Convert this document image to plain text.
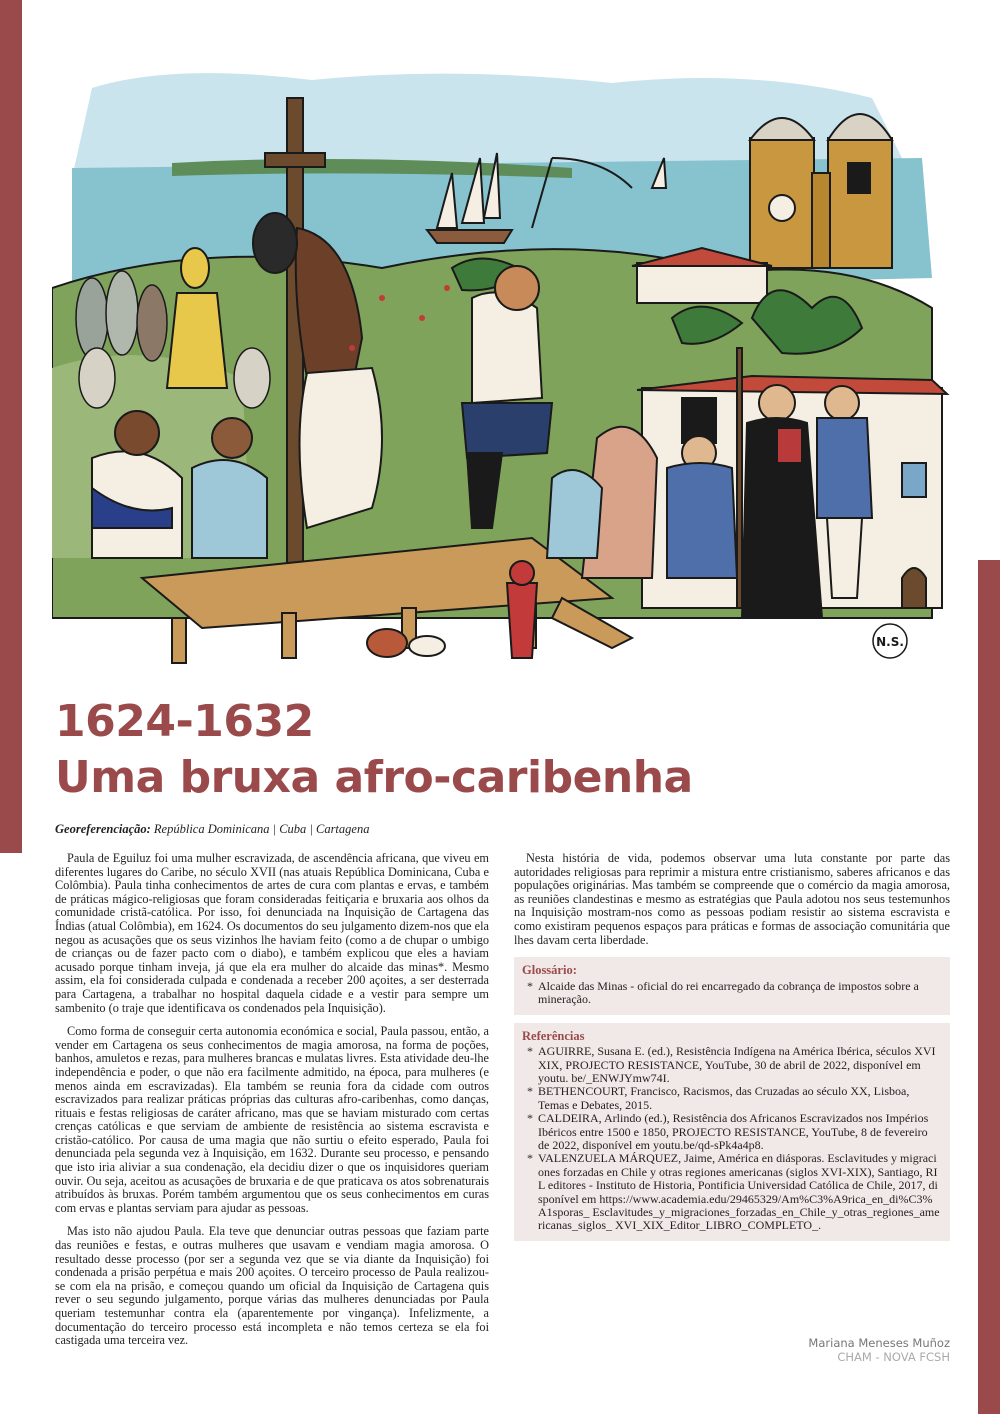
N.S.
1624-1632
Uma bruxa afro-caribenha
Georeferenciação: República Dominicana | Cuba | Cartagena

Paula de Eguiluz foi uma mulher escravizada, de ascendência africana, que viveu em diferentes lugares do Caribe, no século XVII (nas atuais República Dominicana, Cuba e Colômbia). Paula tinha conhecimentos de artes de cura com plantas e ervas, e também de práticas mágico-religiosas que foram consideradas feitiçaria e bruxaria aos olhos da comunidade cristã-católica. Por isso, foi denunciada na Inquisição de Cartagena das Índias (atual Colômbia), em 1624. Os documentos do seu julgamento dizem-nos que ela negou as acusações que os seus vizinhos lhe haviam feito (como a de chupar o umbigo de crianças ou de fazer pacto com o diabo), e também explicou que eles a haviam acusado porque tinham inveja, já que ela era mulher do alcaide das minas*. Mesmo assim, ela foi considerada culpada e condenada a receber 200 açoites, a ser desterrada para Cartagena, a trabalhar no hospital daquela cidade e a vestir para sempre um sambenito (o traje que identificava os condenados pela Inquisição).

Como forma de conseguir certa autonomia económica e social, Paula passou, então, a vender em Cartagena os seus conhecimentos de magia amorosa, na forma de poções, banhos, amuletos e rezas, para mulheres brancas e mulatas livres. Esta atividade deu-lhe independência e poder, o que não era facilmente admitido, na época, para mulheres (e menos ainda em escravizadas). Ela também se reunia fora da cidade com outros escravizados para realizar práticas próprias das culturas afro-caribenhas, como danças, rituais e festas religiosas de caráter africano, mas que se haviam misturado com certas crenças católicas e que serviam de ambiente de resistência ao sistema escravista e cristão-católico. Por causa de uma magia que não surtiu o efeito esperado, Paula foi denunciada pela segunda vez à Inquisição, em 1632. Durante seu processo, e pensando que isto iria aliviar a sua condenação, ela decidiu dizer o que os inquisidores queriam ouvir. Ou seja, aceitou as acusações de bruxaria e de que praticava os atos sobrenaturais atribuídos às bruxas. Porém também argumentou que os seus conhecimentos em curas com ervas e plantas serviam para ajudar as pessoas.

Mas isto não ajudou Paula. Ela teve que denunciar outras pessoas que faziam parte das reuniões e festas, e outras mulheres que usavam e vendiam magia amorosa. O resultado desse processo (por ser a segunda vez que se via diante da Inquisição) foi condenada a prisão perpétua e mais 200 açoites. O terceiro processo de Paula realizou-se com ela na prisão, e começou quando um oficial da Inquisição de Cartagena quis rever o seu segundo julgamento, porque várias das mulheres denunciadas por Paula queriam testemunhar contra ela (aparentemente por vingança). Infelizmente, a documentação do terceiro processo está incompleta e não temos certeza se ela foi castigada uma terceira vez.

Nesta história de vida, podemos observar uma luta constante por parte das autoridades religiosas para reprimir a mistura entre cristianismo, saberes africanos e das populações originárias. Mas também se compreende que o comércio da magia amorosa, as reuniões clandestinas e mesmo as estratégias que Paula adotou nos seus testemunhos na Inquisição mostram-nos como as pessoas podiam resistir ao sistema escravista e como existiram pequenos espaços para práticas e formas de associação comunitária que lhes davam certa liberdade.

Glossário:
* Alcaide das Minas - oficial do rei encarregado da cobrança de impostos sobre a mineração.
Referências
* AGUIRRE, Susana E. (ed.), Resistência Indígena na América Ibérica, séculos XVI XIX, PROJECTO RESISTANCE, YouTube, 30 de abril de 2022, disponível em youtu. be/_ENWJYmw74I.
* BETHENCOURT, Francisco, Racismos, das Cruzadas ao século XX, Lisboa, Temas e Debates, 2015.
* CALDEIRA, Arlindo (ed.), Resistência dos Africanos Escravizados nos Impérios Ibéricos entre 1500 e 1850, PROJECTO RESISTANCE, YouTube, 8 de fevereiro de 2022, disponível em youtu.be/qd-sPk4a4p8.
* VALENZUELA MÁRQUEZ, Jaime, América en diásporas. Esclavitudes y migraciones forzadas en Chile y otras regiones americanas (siglos XVI-XIX), Santiago, RIL editores - Instituto de Historia, Pontificia Universidad Católica de Chile, 2017, disponível em https://www.academia.edu/29465329/Am%C3%A9rica_en_di%C3%A1sporas_ Esclavitudes_y_migraciones_forzadas_en_Chile_y_otras_regiones_americanas_siglos_ XVI_XIX_Editor_LIBRO_COMPLETO_.
Mariana Meneses Muñoz
CHAM - NOVA FCSH
